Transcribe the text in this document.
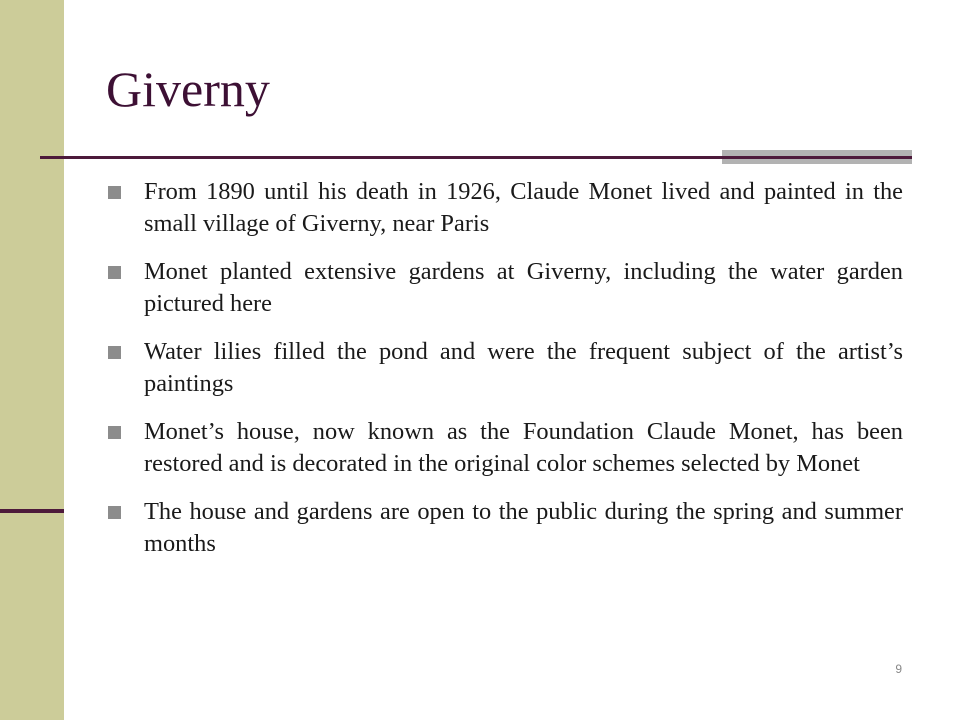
Giverny
From 1890 until his death in 1926, Claude Monet lived and painted in the small village of Giverny, near Paris
Monet planted extensive gardens at Giverny, including the water garden pictured here
Water lilies filled the pond and were the frequent subject of the artist’s paintings
Monet’s house, now known as the Foundation Claude Monet, has been restored and is decorated in the original color schemes selected by Monet
The house and gardens are open to the public during the spring and summer months
9
